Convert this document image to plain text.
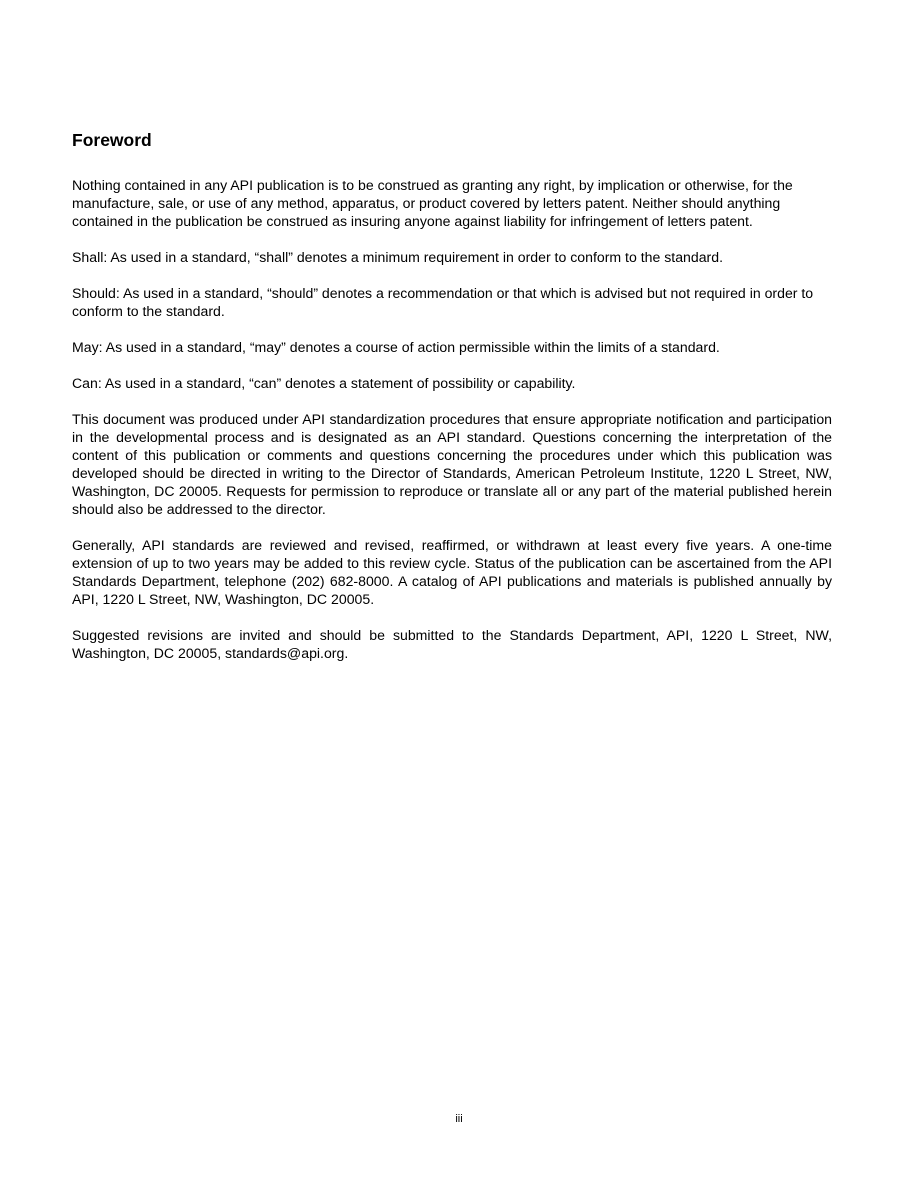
Foreword

Nothing contained in any API publication is to be construed as granting any right, by implication or otherwise, for the manufacture, sale, or use of any method, apparatus, or product covered by letters patent. Neither should anything contained in the publication be construed as insuring anyone against liability for infringement of letters patent.

Shall: As used in a standard, “shall” denotes a minimum requirement in order to conform to the standard.

Should: As used in a standard, “should” denotes a recommendation or that which is advised but not required in order to conform to the standard.

May: As used in a standard, “may” denotes a course of action permissible within the limits of a standard.

Can: As used in a standard, “can” denotes a statement of possibility or capability.

This document was produced under API standardization procedures that ensure appropriate notification and participation in the developmental process and is designated as an API standard. Questions concerning the interpretation of the content of this publication or comments and questions concerning the procedures under which this publication was developed should be directed in writing to the Director of Standards, American Petroleum Institute, 1220 L Street, NW, Washington, DC 20005. Requests for permission to reproduce or translate all or any part of the material published herein should also be addressed to the director.

Generally, API standards are reviewed and revised, reaffirmed, or withdrawn at least every five years. A one-time extension of up to two years may be added to this review cycle. Status of the publication can be ascertained from the API Standards Department, telephone (202) 682-8000. A catalog of API publications and materials is published annually by API, 1220 L Street, NW, Washington, DC 20005.

Suggested revisions are invited and should be submitted to the Standards Department, API, 1220 L Street, NW, Washington, DC 20005, standards@api.org.

iii
